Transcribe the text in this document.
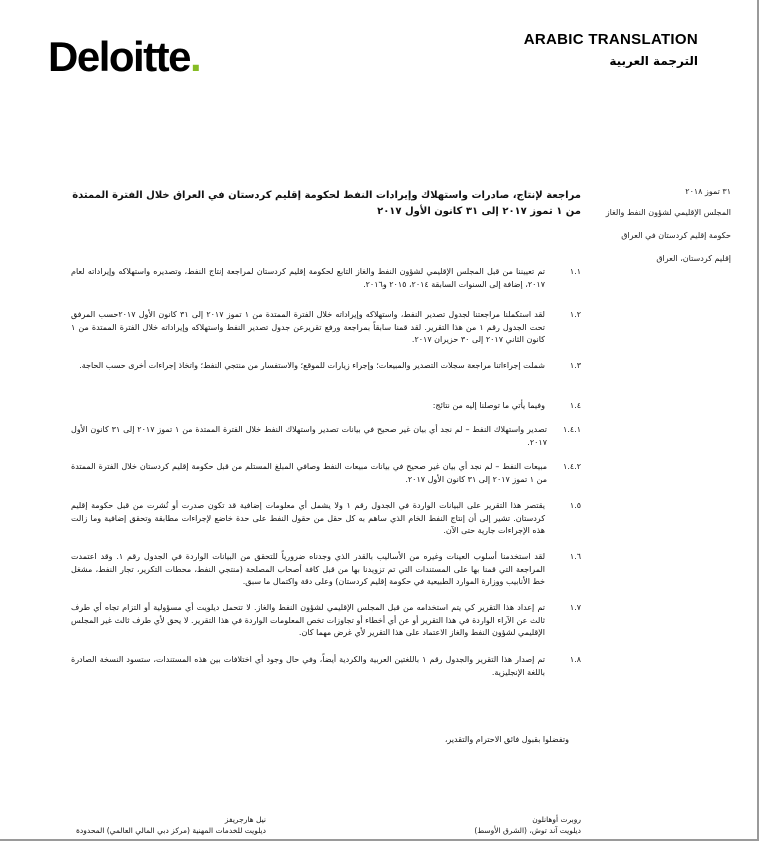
Deloitte.	ARABIC TRANSLATION
الترجمة العربية
٣١ تموز ٢٠١٨
المجلس الإقليمي لشؤون النفط والغاز
حكومة إقليم كردستان في العراق
إقليم كردستان، العراق
مراجعة لإنتاج، صادرات واستهلاك وإيرادات النفط لحكومة إقليم كردستان في العراق خلال الفترة الممتدة من ١ تموز ٢٠١٧ إلى ٣١ كانون الأول ٢٠١٧
١.١
تم تعييننا من قبل المجلس الإقليمي لشؤون النفط والغاز التابع لحكومة إقليم كردستان لمراجعة إنتاج النفط، وتصديره واستهلاكه وإيراداته لعام ٢٠١٧، إضافة إلى السنوات السابقة ٢٠١٤، ٢٠١٥ و٢٠١٦.
١.٢
لقد استكملنا مراجعتنا لجدول تصدير النفط، واستهلاكه وإيراداته خلال الفترة الممتدة من ١ تموز ٢٠١٧ إلى ٣١ كانون الأول ٢٠١٧حسب المرفق تحت الجدول رقم ١ من هذا التقرير. لقد قمنا سابقاً بمراجعة ورفع تقريرعن جدول تصدير النفط واستهلاكه وإيراداته خلال الفترة الممتدة من ١ كانون الثاني ٢٠١٧ إلى ٣٠ حزيران ٢٠١٧.
١.٣
شملت إجراءاتنا مراجعة سجلات التصدير والمبيعات؛ وإجراء زيارات للموقع؛ والاستفسار من منتجي النفط؛ واتخاذ إجراءات أخرى حسب الحاجة.
١.٤
وفيما يأتي ما توصلنا إليه من نتائج:
١.٤.١
تصدير واستهلاك النفط – لم نجد أي بيان غير صحيح في بيانات تصدير واستهلاك النفط خلال الفترة الممتدة من ١ تموز ٢٠١٧ إلى ٣١ كانون الأول ٢٠١٧.
١.٤.٢
مبيعات النفط – لم نجد أي بيان غير صحيح في بيانات مبيعات النفط وصافي المبلغ المستلم من قبل حكومة إقليم كردستان خلال الفترة الممتدة من ١ تموز ٢٠١٧ إلى ٣١ كانون الأول ٢٠١٧.
١.٥
يقتصر هذا التقرير على البيانات الواردة في الجدول رقم ١ ولا يشمل أي معلومات إضافية قد تكون صدرت أو نُشرت من قبل حكومة إقليم كردستان. تشير إلى أن إنتاج النفط الخام الذي ساهم به كل حقل من حقول النفط على حدة خاضع لإجراءات مطابقة وتحقق إضافية وما زالت هذه الإجراءات جارية حتى الآن.
١.٦
لقد استخدمنا أسلوب العينات وغيره من الأساليب بالقدر الذي وجدناه ضرورياً للتحقق من البيانات الواردة في الجدول رقم ١. وقد اعتمدت المراجعة التي قمنا بها على المستندات التي تم تزويدنا بها من قبل كافة أصحاب المصلحة (منتجي النفط، محطات التكرير، تجار النفط، مشغل خط الأنابيب ووزارة الموارد الطبيعية في حكومة إقليم كردستان) وعلى دقة واكتمال ما سبق.
١.٧
تم إعداد هذا التقرير كي يتم استخدامه من قبل المجلس الإقليمي لشؤون النفط والغاز. لا تتحمل ديلويت أي مسؤولية أو التزام تجاه أي طرف ثالث عن الآراء الواردة في هذا التقرير أو عن أي أخطاء أو تجاوزات تخص المعلومات الواردة في هذا التقرير. لا يحق لأي طرف ثالث غير المجلس الإقليمي لشؤون النفط والغاز الاعتماد على هذا التقرير لأي غرض مهما كان.
١.٨
تم إصدار هذا التقرير والجدول رقم ١ باللغتين العربية والكردية أيضاً، وفي حال وجود أي اختلافات بين هذه المستندات، ستسود النسخة الصادرة باللغة الإنجليزية.
وتفضلوا بقبول فائق الاحترام والتقدير،
روبرت أوهانلون
ديلويت آند توش، (الشرق الأوسط)
نيل هارجريفز
ديلويت للخدمات المهنية (مركز دبي المالي العالمي) المحدودة
